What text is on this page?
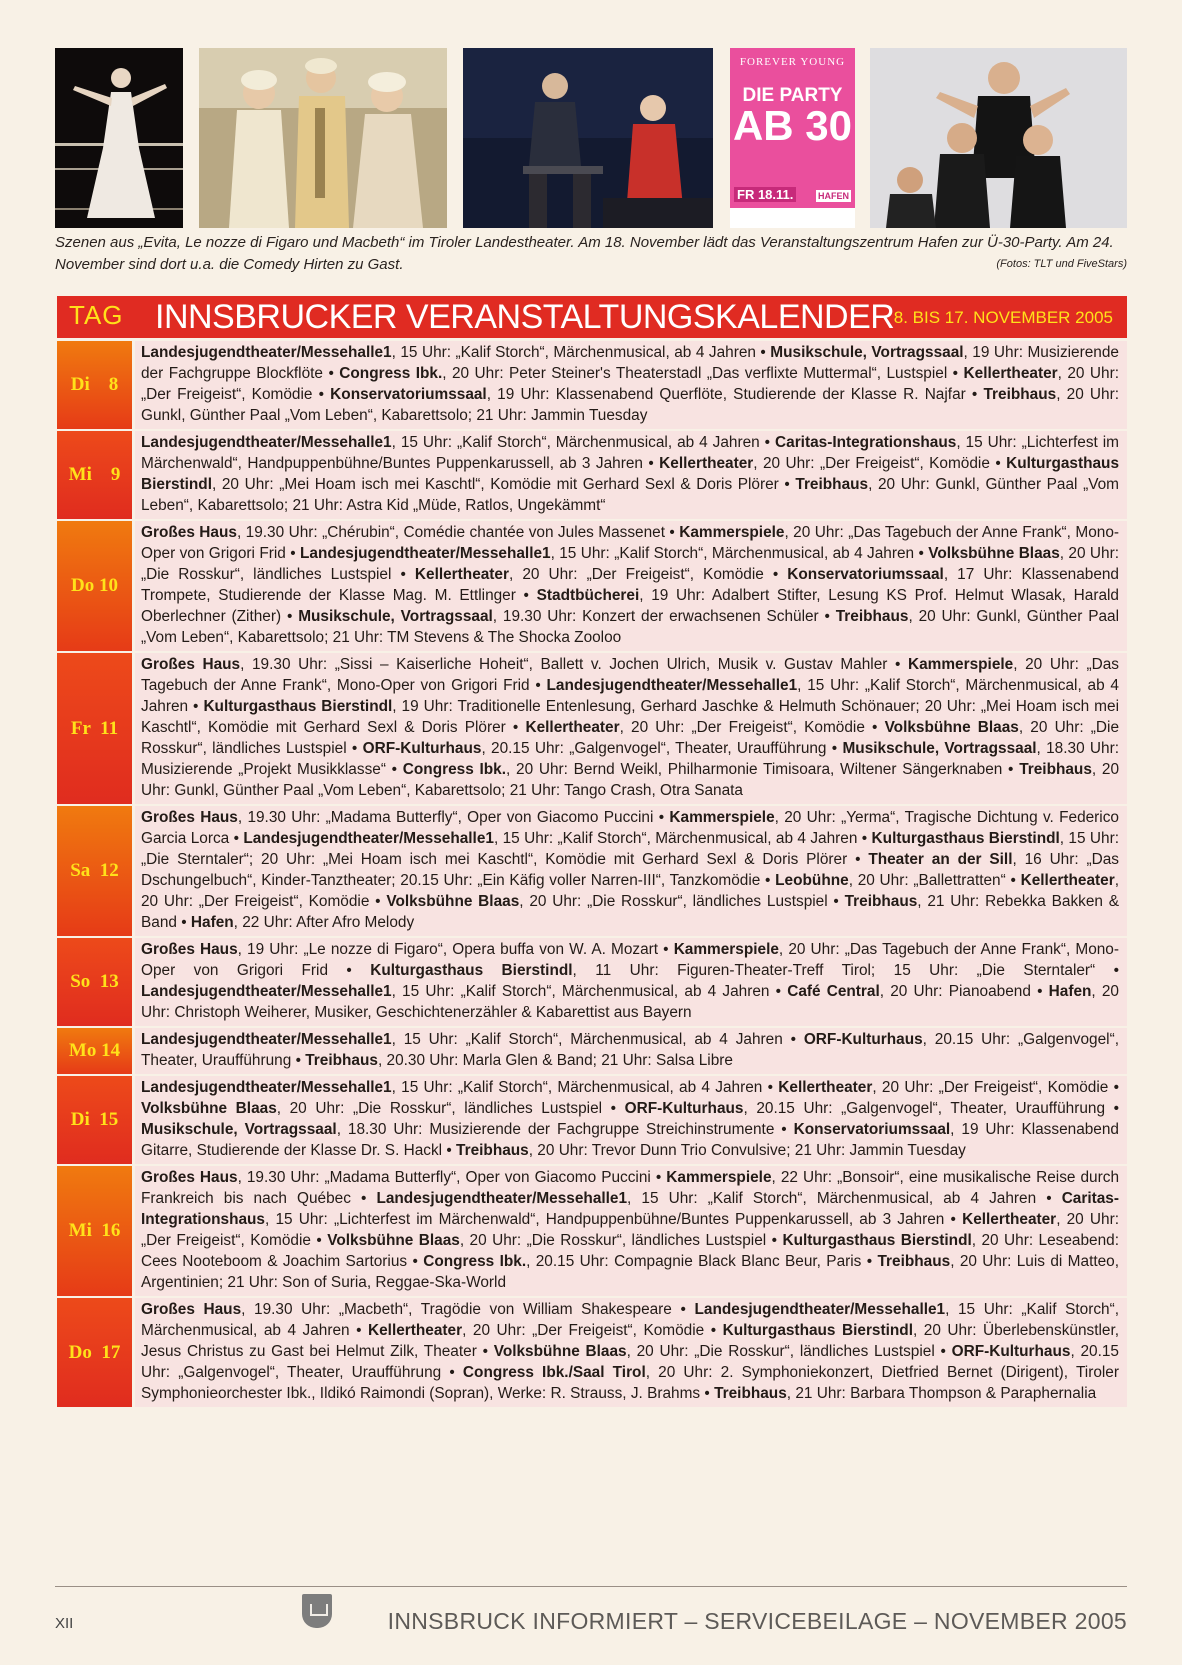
FOREVER YOUNG
DIE PARTY
AB 30
FR 18.11.	HAFEN
Szenen aus „Evita, Le nozze di Figaro und Macbeth“ im Tiroler Landestheater. Am 18. November lädt das Veranstaltungszentrum Hafen zur Ü-30-Party. Am 24. November sind dort u.a. die Comedy Hirten zu Gast.	(Fotos: TLT und FiveStars)
TAG INNSBRUCKER VERANSTALTUNGSKALENDER 8. BIS 17. NOVEMBER 2005
Di    8
Landesjugendtheater/Messehalle1, 15 Uhr: „Kalif Storch“, Märchenmusical, ab 4 Jahren • Musikschule, Vortragssaal, 19 Uhr: Musizierende der Fachgruppe Blockflöte • Congress Ibk., 20 Uhr: Peter Steiner's Theaterstadl „Das verflixte Muttermal“, Lustspiel • Kellertheater, 20 Uhr: „Der Freigeist“, Komödie • Konservatoriumssaal, 19 Uhr: Klassenabend Querflöte, Studierende der Klasse R. Najfar • Treibhaus, 20 Uhr: Gunkl, Günther Paal „Vom Leben“, Kabarettsolo; 21 Uhr: Jammin Tuesday
Mi    9
Landesjugendtheater/Messehalle1, 15 Uhr: „Kalif Storch“, Märchenmusical, ab 4 Jahren • Caritas-Integrationshaus, 15 Uhr: „Lichterfest im Märchenwald“, Handpuppenbühne/Buntes Puppenkarussell, ab 3 Jahren • Kellertheater, 20 Uhr: „Der Freigeist“, Komödie • Kulturgasthaus Bierstindl, 20 Uhr: „Mei Hoam isch mei Kaschtl“, Komödie mit Gerhard Sexl & Doris Plörer • Treibhaus, 20 Uhr: Gunkl, Günther Paal „Vom Leben“, Kabarettsolo; 21 Uhr: Astra Kid „Müde, Ratlos, Ungekämmt“
Do 10
Großes Haus, 19.30 Uhr: „Chérubin“, Comédie chantée von Jules Massenet • Kammerspiele, 20 Uhr: „Das Tagebuch der Anne Frank“, Mono-Oper von Grigori Frid • Landesjugendtheater/Messehalle1, 15 Uhr: „Kalif Storch“, Märchenmusical, ab 4 Jahren • Volksbühne Blaas, 20 Uhr: „Die Rosskur“, ländliches Lustspiel • Kellertheater, 20 Uhr: „Der Freigeist“, Komödie • Konservatoriumssaal, 17 Uhr: Klassenabend Trompete, Studierende der Klasse Mag. M. Ettlinger • Stadtbücherei, 19 Uhr: Adalbert Stifter, Lesung KS Prof. Helmut Wlasak, Harald Oberlechner (Zither) • Musikschule, Vortragssaal, 19.30 Uhr: Konzert der erwachsenen Schüler • Treibhaus, 20 Uhr: Gunkl, Günther Paal „Vom Leben“, Kabarettsolo; 21 Uhr: TM Stevens & The Shocka Zooloo
Fr  11
Großes Haus, 19.30 Uhr: „Sissi – Kaiserliche Hoheit“, Ballett v. Jochen Ulrich, Musik v. Gustav Mahler • Kammerspiele, 20 Uhr: „Das Tagebuch der Anne Frank“, Mono-Oper von Grigori Frid • Landesjugendtheater/Messehalle1, 15 Uhr: „Kalif Storch“, Märchenmusical, ab 4 Jahren • Kulturgasthaus Bierstindl, 19 Uhr: Traditionelle Entenlesung, Gerhard Jaschke & Helmuth Schönauer; 20 Uhr: „Mei Hoam isch mei Kaschtl“, Komödie mit Gerhard Sexl & Doris Plörer • Kellertheater, 20 Uhr: „Der Freigeist“, Komödie • Volksbühne Blaas, 20 Uhr: „Die Rosskur“, ländliches Lustspiel • ORF-Kulturhaus, 20.15 Uhr: „Galgenvogel“, Theater, Uraufführung • Musikschule, Vortragssaal, 18.30 Uhr: Musizierende „Projekt Musikklasse“ • Congress Ibk., 20 Uhr: Bernd Weikl, Philharmonie Timisoara, Wiltener Sängerknaben • Treibhaus, 20 Uhr: Gunkl, Günther Paal „Vom Leben“, Kabarettsolo; 21 Uhr: Tango Crash, Otra Sanata
Sa  12
Großes Haus, 19.30 Uhr: „Madama Butterfly“, Oper von Giacomo Puccini • Kammerspiele, 20 Uhr: „Yerma“, Tragische Dichtung v. Federico Garcia Lorca • Landesjugendtheater/Messehalle1, 15 Uhr: „Kalif Storch“, Märchenmusical, ab 4 Jahren • Kulturgasthaus Bierstindl, 15 Uhr: „Die Sterntaler“; 20 Uhr: „Mei Hoam isch mei Kaschtl“, Komödie mit Gerhard Sexl & Doris Plörer • Theater an der Sill, 16 Uhr: „Das Dschungelbuch“, Kinder-Tanztheater; 20.15 Uhr: „Ein Käfig voller Narren-III“, Tanzkomödie • Leobühne, 20 Uhr: „Ballettratten“ • Kellertheater, 20 Uhr: „Der Freigeist“, Komödie • Volksbühne Blaas, 20 Uhr: „Die Rosskur“, ländliches Lustspiel • Treibhaus, 21 Uhr: Rebekka Bakken & Band • Hafen, 22 Uhr: After Afro Melody
So  13
Großes Haus, 19 Uhr: „Le nozze di Figaro“, Opera buffa von W. A. Mozart • Kammerspiele, 20 Uhr: „Das Tagebuch der Anne Frank“, Mono-Oper von Grigori Frid • Kulturgasthaus Bierstindl, 11 Uhr: Figuren-Theater-Treff Tirol; 15 Uhr: „Die Sterntaler“ • Landesjugendtheater/Messehalle1, 15 Uhr: „Kalif Storch“, Märchenmusical, ab 4 Jahren • Café Central, 20 Uhr: Pianoabend • Hafen, 20 Uhr: Christoph Weiherer, Musiker, Geschichtenerzähler & Kabarettist aus Bayern
Mo 14
Landesjugendtheater/Messehalle1, 15 Uhr: „Kalif Storch“, Märchenmusical, ab 4 Jahren • ORF-Kulturhaus, 20.15 Uhr: „Galgenvogel“, Theater, Uraufführung • Treibhaus, 20.30 Uhr: Marla Glen & Band; 21 Uhr: Salsa Libre
Di  15
Landesjugendtheater/Messehalle1, 15 Uhr: „Kalif Storch“, Märchenmusical, ab 4 Jahren • Kellertheater, 20 Uhr: „Der Freigeist“, Komödie • Volksbühne Blaas, 20 Uhr: „Die Rosskur“, ländliches Lustspiel • ORF-Kulturhaus, 20.15 Uhr: „Galgenvogel“, Theater, Uraufführung • Musikschule, Vortragssaal, 18.30 Uhr: Musizierende der Fachgruppe Streichinstrumente • Konservatoriumssaal, 19 Uhr: Klassenabend Gitarre, Studierende der Klasse Dr. S. Hackl • Treibhaus, 20 Uhr: Trevor Dunn Trio Convulsive; 21 Uhr: Jammin Tuesday
Mi  16
Großes Haus, 19.30 Uhr: „Madama Butterfly“, Oper von Giacomo Puccini • Kammerspiele, 22 Uhr: „Bonsoir“, eine musikalische Reise durch Frankreich bis nach Québec • Landesjugendtheater/Messehalle1, 15 Uhr: „Kalif Storch“, Märchenmusical, ab 4 Jahren • Caritas-Integrationshaus, 15 Uhr: „Lichterfest im Märchenwald“, Handpuppenbühne/Buntes Puppenkarussell, ab 3 Jahren • Kellertheater, 20 Uhr: „Der Freigeist“, Komödie • Volksbühne Blaas, 20 Uhr: „Die Rosskur“, ländliches Lustspiel • Kulturgasthaus Bierstindl, 20 Uhr: Leseabend: Cees Nooteboom & Joachim Sartorius • Congress Ibk., 20.15 Uhr: Compagnie Black Blanc Beur, Paris • Treibhaus, 20 Uhr: Luis di Matteo, Argentinien; 21 Uhr: Son of Suria, Reggae-Ska-World
Do  17
Großes Haus, 19.30 Uhr: „Macbeth“, Tragödie von William Shakespeare • Landesjugendtheater/Messehalle1, 15 Uhr: „Kalif Storch“, Märchenmusical, ab 4 Jahren • Kellertheater, 20 Uhr: „Der Freigeist“, Komödie • Kulturgasthaus Bierstindl, 20 Uhr: Überlebenskünstler, Jesus Christus zu Gast bei Helmut Zilk, Theater • Volksbühne Blaas, 20 Uhr: „Die Rosskur“, ländliches Lustspiel • ORF-Kulturhaus, 20.15 Uhr: „Galgenvogel“, Theater, Uraufführung • Congress Ibk./Saal Tirol, 20 Uhr: 2. Symphoniekonzert, Dietfried Bernet (Dirigent), Tiroler Symphonieorchester Ibk., Ildikó Raimondi (Sopran), Werke: R. Strauss, J. Brahms • Treibhaus, 21 Uhr: Barbara Thompson & Paraphernalia
XII	INNSBRUCK INFORMIERT – SERVICEBEILAGE – NOVEMBER 2005
